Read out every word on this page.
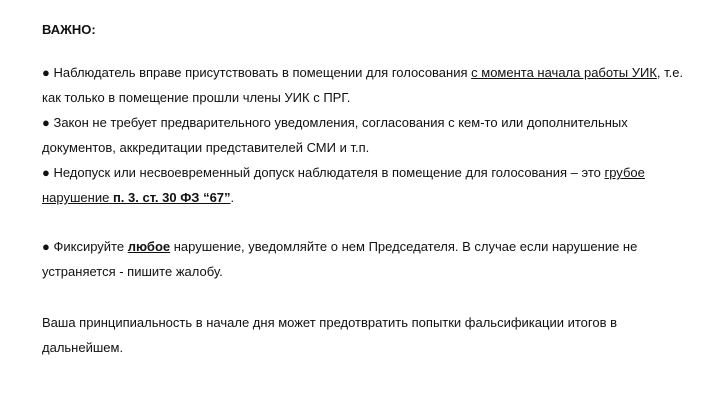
ВАЖНО:

● Наблюдатель вправе присутствовать в помещении для голосования с момента начала работы УИК, т.е. как только в помещение прошли члены УИК с ПРГ.

● Закон не требует предварительного уведомления, согласования с кем-то или дополнительных документов, аккредитации представителей СМИ и т.п.

● Недопуск или несвоевременный допуск наблюдателя в помещение для голосования – это грубое нарушение п. 3. ст. 30 ФЗ “67”.

● Фиксируйте любое нарушение, уведомляйте о нем Председателя. В случае если нарушение не устраняется - пишите жалобу.

Ваша принципиальность в начале дня может предотвратить попытки фальсификации итогов в дальнейшем.
